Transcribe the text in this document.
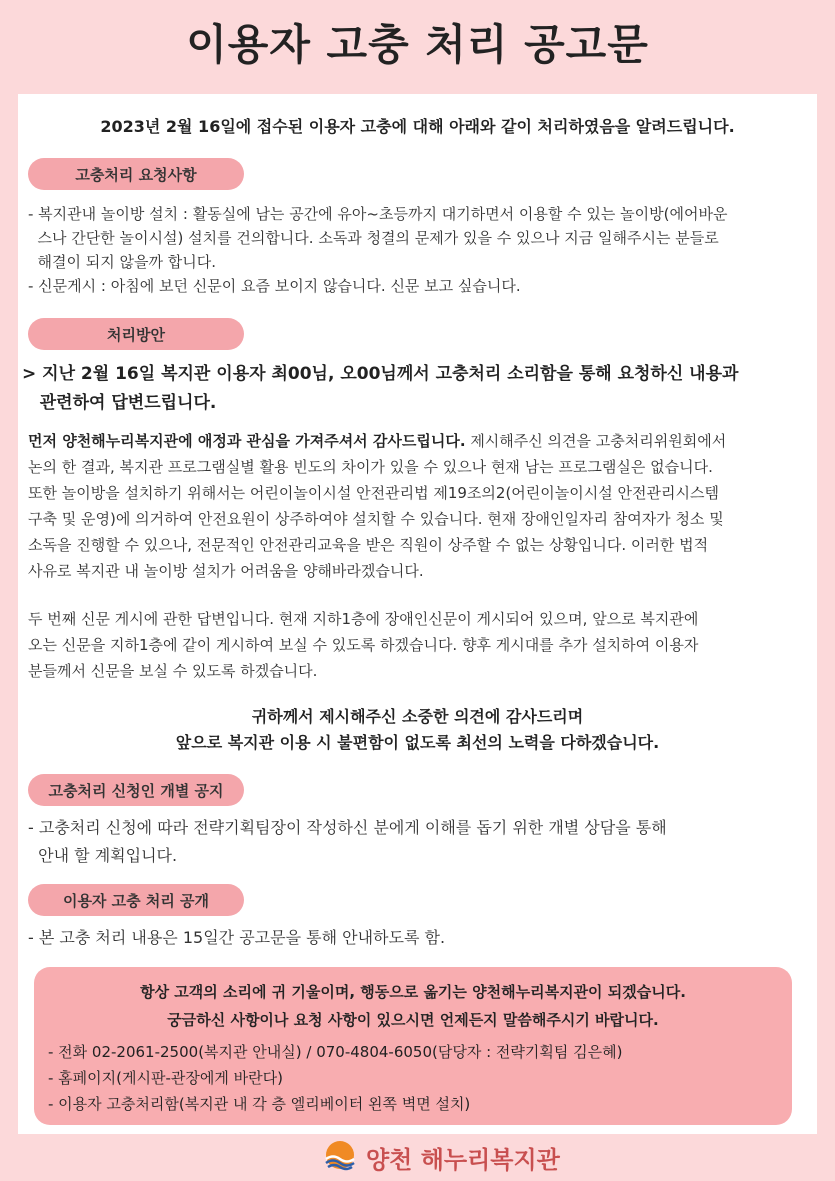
이용자 고충 처리 공고문
2023년 2월 16일에 접수된 이용자 고충에 대해 아래와 같이 처리하였음을 알려드립니다.
고충처리 요청사항
- 복지관내 놀이방 설치 : 활동실에 남는 공간에 유아~초등까지 대기하면서 이용할 수 있는 놀이방(에어바운
스나 간단한 놀이시설) 설치를 건의합니다. 소독과 청결의 문제가 있을 수 있으나 지금 일해주시는 분들로
해결이 되지 않을까 합니다.
- 신문게시 : 아침에 보던 신문이 요즘 보이지 않습니다. 신문 보고 싶습니다.
처리방안
> 지난 2월 16일 복지관 이용자 최00님, 오00님께서 고충처리 소리함을 통해 요청하신 내용과
관련하여 답변드립니다.
먼저 양천해누리복지관에 애정과 관심을 가져주셔서 감사드립니다. 제시해주신 의견을 고충처리위원회에서
논의 한 결과, 복지관 프로그램실별 활용 빈도의 차이가 있을 수 있으나 현재 남는 프로그램실은 없습니다.
또한 놀이방을 설치하기 위해서는 어린이놀이시설 안전관리법 제19조의2(어린이놀이시설 안전관리시스템
구축 및 운영)에 의거하여 안전요원이 상주하여야 설치할 수 있습니다. 현재 장애인일자리 참여자가 청소 및
소독을 진행할 수 있으나, 전문적인 안전관리교육을 받은 직원이 상주할 수 없는 상황입니다. 이러한 법적
사유로 복지관 내 놀이방 설치가 어려움을 양해바라겠습니다.
두 번째 신문 게시에 관한 답변입니다. 현재 지하1층에 장애인신문이 게시되어 있으며, 앞으로 복지관에
오는 신문을 지하1층에 같이 게시하여 보실 수 있도록 하겠습니다. 향후 게시대를 추가 설치하여 이용자
분들께서 신문을 보실 수 있도록 하겠습니다.
귀하께서 제시해주신 소중한 의견에 감사드리며
앞으로 복지관 이용 시 불편함이 없도록 최선의 노력을 다하겠습니다.
고충처리 신청인 개별 공지
- 고충처리 신청에 따라 전략기획팀장이 작성하신 분에게 이해를 돕기 위한 개별 상담을 통해
안내 할 계획입니다.
이용자 고충 처리 공개
- 본 고충 처리 내용은 15일간 공고문을 통해 안내하도록 함.
항상 고객의 소리에 귀 기울이며, 행동으로 옮기는 양천해누리복지관이 되겠습니다.
궁금하신 사항이나 요청 사항이 있으시면 언제든지 말씀해주시기 바랍니다.
- 전화 02-2061-2500(복지관 안내실) / 070-4804-6050(담당자 : 전략기획팀 김은혜)
- 홈페이지(게시판-관장에게 바란다)
- 이용자 고충처리함(복지관 내 각 층 엘리베이터 왼쪽 벽면 설치)
양천 해누리복지관
